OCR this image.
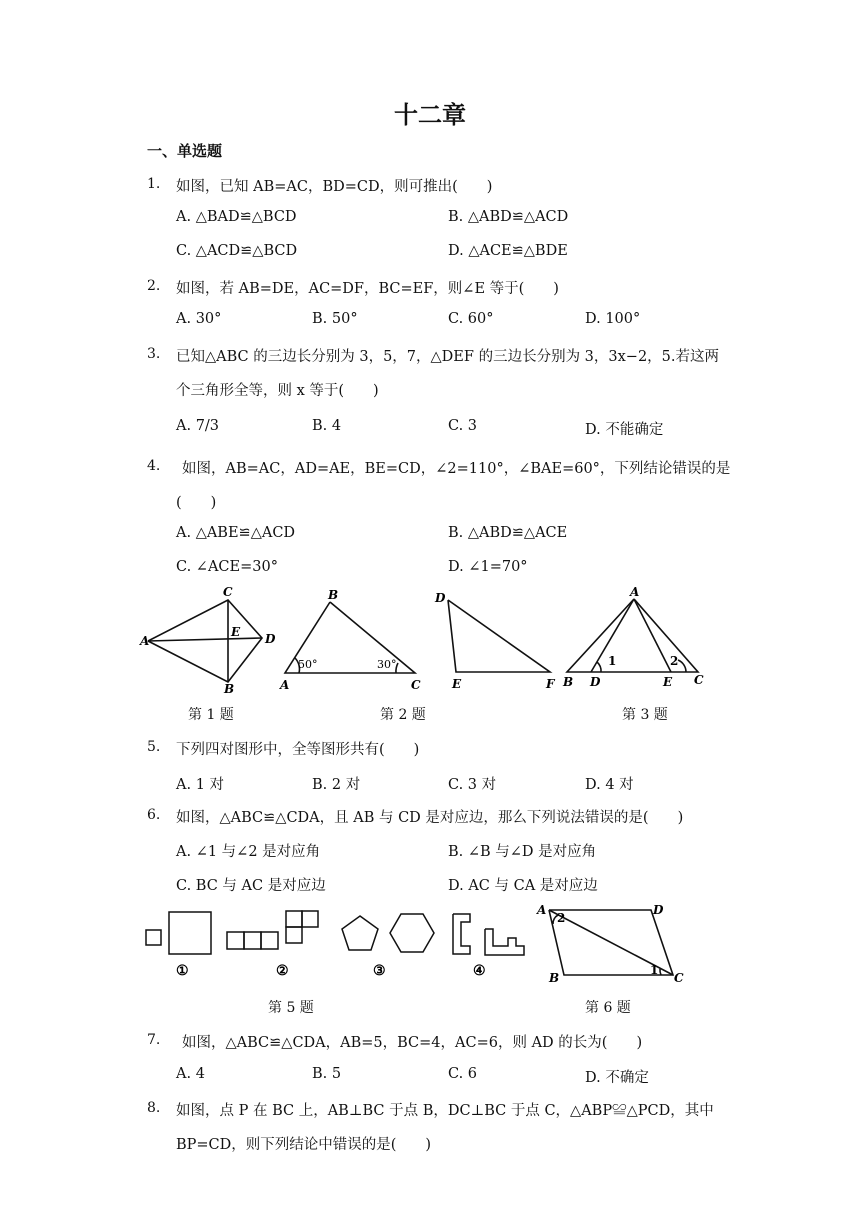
十二章
一、单选题
1. 如图，已知 AB=AC，BD=CD，则可推出(　　)
A. △BAD≌△BCD	B. △ABD≌△ACD
C. △ACD≌△BCD	D. △ACE≌△BDE
2. 如图，若 AB=DE，AC=DF，BC=EF，则∠E 等于(　　)
A. 30°	B. 50°	C. 60°	D. 100°
3. 已知△ABC 的三边长分别为 3，5，7，△DEF 的三边长分别为 3，3x−2，5.若这两
个三角形全等，则 x 等于(　　)
A. 7/3	B. 4	C. 3	D. 不能确定
4. 如图，AB=AC，AD=AE，BE=CD，∠2=110°，∠BAE=60°，下列结论错误的是
(　　)
A. △ABE≌△ACD	B. △ABD≌△ACE
C. ∠ACE=30°	D. ∠1=70°
C
A
E D
B
B
A	C
50°	30°
D
E	F
A
B D	E C
1	2
第 1 题	第 2 题	第 3 题
5. 下列四对图形中，全等图形共有(　　)
A. 1 对	B. 2 对	C. 3 对	D. 4 对
6. 如图，△ABC≌△CDA，且 AB 与 CD 是对应边，那么下列说法错误的是(　　)
A. ∠1 与∠2 是对应角	B. ∠B 与∠D 是对应角
C. BC 与 AC 是对应边	D. AC 与 CA 是对应边
①	②	③	④
A	D
B	C
2
1
第 5 题	第 6 题
7. 如图，△ABC≌△CDA，AB=5，BC=4，AC=6，则 AD 的长为(　　)
A. 4	B. 5	C. 6	D. 不确定
8. 如图，点 P 在 BC 上，AB⊥BC 于点 B，DC⊥BC 于点 C，△ABP≌△PCD，其中
BP=CD，则下列结论中错误的是(　　)
